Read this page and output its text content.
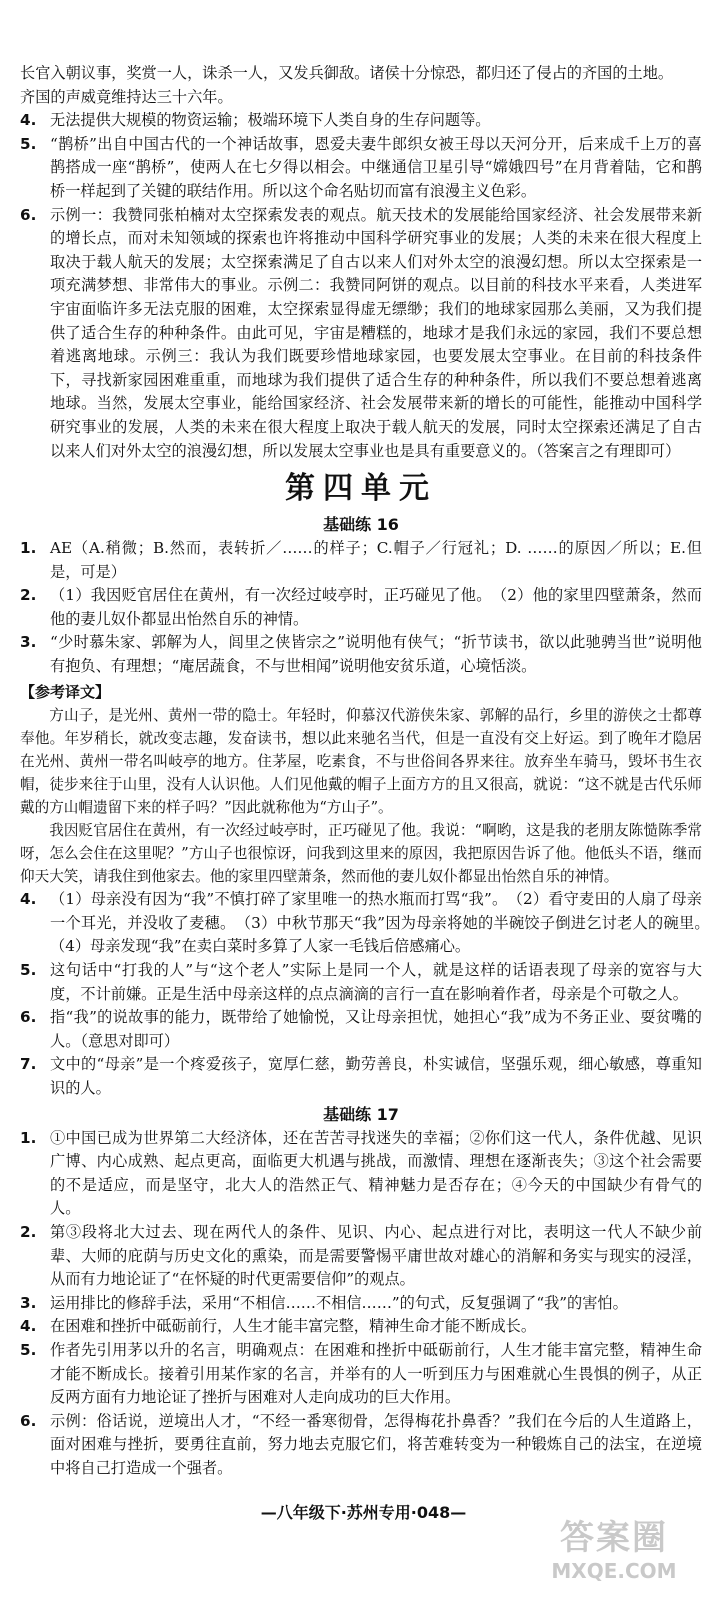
长官入朝议事，奖赏一人，诛杀一人，又发兵御敌。诸侯十分惊恐，都归还了侵占的齐国的土地。

齐国的声威竟维持达三十六年。

4. 无法提供大规模的物资运输；极端环境下人类自身的生存问题等。
5. “鹊桥”出自中国古代的一个神话故事，恩爱夫妻牛郎织女被王母以天河分开，后来成千上万的喜鹊搭成一座“鹊桥”，使两人在七夕得以相会。中继通信卫星引导“嫦娥四号”在月背着陆，它和鹊桥一样起到了关键的联结作用。所以这个命名贴切而富有浪漫主义色彩。
6. 示例一：我赞同张柏楠对太空探索发表的观点。航天技术的发展能给国家经济、社会发展带来新的增长点，而对未知领域的探索也许将推动中国科学研究事业的发展；人类的未来在很大程度上取决于载人航天的发展；太空探索满足了自古以来人们对外太空的浪漫幻想。所以太空探索是一项充满梦想、非常伟大的事业。示例二：我赞同阿饼的观点。以目前的科技水平来看，人类进军宇宙面临许多无法克服的困难，太空探索显得虚无缥缈；我们的地球家园那么美丽，又为我们提供了适合生存的种种条件。由此可见，宇宙是糟糕的，地球才是我们永远的家园，我们不要总想着逃离地球。示例三：我认为我们既要珍惜地球家园，也要发展太空事业。在目前的科技条件下，寻找新家园困难重重，而地球为我们提供了适合生存的种种条件，所以我们不要总想着逃离地球。当然，发展太空事业，能给国家经济、社会发展带来新的增长的可能性，能推动中国科学研究事业的发展，人类的未来在很大程度上取决于载人航天的发展，同时太空探索还满足了自古以来人们对外太空的浪漫幻想，所以发展太空事业也是具有重要意义的。（答案言之有理即可）
第四单元
基础练 16
1. AE（A.稍微；B.然而，表转折／……的样子；C.帽子／行冠礼；D. ……的原因／所以；E.但是，可是）
2. （1）我因贬官居住在黄州，有一次经过岐亭时，正巧碰见了他。　（2）他的家里四壁萧条，然而他的妻儿奴仆都显出怡然自乐的神情。
3. “少时慕朱家、郭解为人，闾里之侠皆宗之”说明他有侠气；“折节读书，欲以此驰骋当世”说明他有抱负、有理想；“庵居蔬食，不与世相闻”说明他安贫乐道，心境恬淡。

【参考译文】

方山子，是光州、黄州一带的隐士。年轻时，仰慕汉代游侠朱家、郭解的品行，乡里的游侠之士都尊奉他。年岁稍长，就改变志趣，发奋读书，想以此来驰名当代，但是一直没有交上好运。到了晚年才隐居在光州、黄州一带名叫岐亭的地方。住茅屋，吃素食，不与世俗间各界来往。放弃坐车骑马，毁坏书生衣帽，徒步来往于山里，没有人认识他。人们见他戴的帽子上面方方的且又很高，就说：“这不就是古代乐师戴的方山帽遗留下来的样子吗？”因此就称他为“方山子”。

我因贬官居住在黄州，有一次经过岐亭时，正巧碰见了他。我说：“啊哟，这是我的老朋友陈慥陈季常呀，怎么会住在这里呢？”方山子也很惊讶，问我到这里来的原因，我把原因告诉了他。他低头不语，继而仰天大笑，请我住到他家去。他的家里四壁萧条，然而他的妻儿奴仆都显出怡然自乐的神情。

4. （1）母亲没有因为“我”不慎打碎了家里唯一的热水瓶而打骂“我”。　（2）看守麦田的人扇了母亲一个耳光，并没收了麦穗。　（3）中秋节那天“我”因为母亲将她的半碗饺子倒进乞讨老人的碗里。　（4）母亲发现“我”在卖白菜时多算了人家一毛钱后倍感痛心。
5. 这句话中“打我的人”与“这个老人”实际上是同一个人，就是这样的话语表现了母亲的宽容与大度，不计前嫌。正是生活中母亲这样的点点滴滴的言行一直在影响着作者，母亲是个可敬之人。
6. 指“我”的说故事的能力，既带给了她愉悦，又让母亲担忧，她担心“我”成为不务正业、耍贫嘴的人。（意思对即可）
7. 文中的“母亲”是一个疼爱孩子，宽厚仁慈，勤劳善良，朴实诚信，坚强乐观，细心敏感，尊重知识的人。
基础练 17
1. ①中国已成为世界第二大经济体，还在苦苦寻找迷失的幸福；②你们这一代人，条件优越、见识广博、内心成熟、起点更高，面临更大机遇与挑战，而激情、理想在逐渐丧失；③这个社会需要的不是适应，而是坚守，北大人的浩然正气、精神魅力是否存在；④今天的中国缺少有骨气的人。
2. 第③段将北大过去、现在两代人的条件、见识、内心、起点进行对比，表明这一代人不缺少前辈、大师的庇荫与历史文化的熏染，而是需要警惕平庸世故对雄心的消解和务实与现实的浸淫，从而有力地论证了“在怀疑的时代更需要信仰”的观点。
3. 运用排比的修辞手法，采用“不相信……不相信……”的句式，反复强调了“我”的害怕。
4. 在困难和挫折中砥砺前行，人生才能丰富完整，精神生命才能不断成长。
5. 作者先引用茅以升的名言，明确观点：在困难和挫折中砥砺前行，人生才能丰富完整，精神生命才能不断成长。接着引用某作家的名言，并举有的人一听到压力与困难就心生畏惧的例子，从正反两方面有力地论证了挫折与困难对人走向成功的巨大作用。
6. 示例：俗话说，逆境出人才，“不经一番寒彻骨，怎得梅花扑鼻香？”我们在今后的人生道路上，面对困难与挫折，要勇往直前，努力地去克服它们，将苦难转变为一种锻炼自己的法宝，在逆境中将自己打造成一个强者。
—八年级下·苏州专用·048—
答案圈
MXQE.COM
